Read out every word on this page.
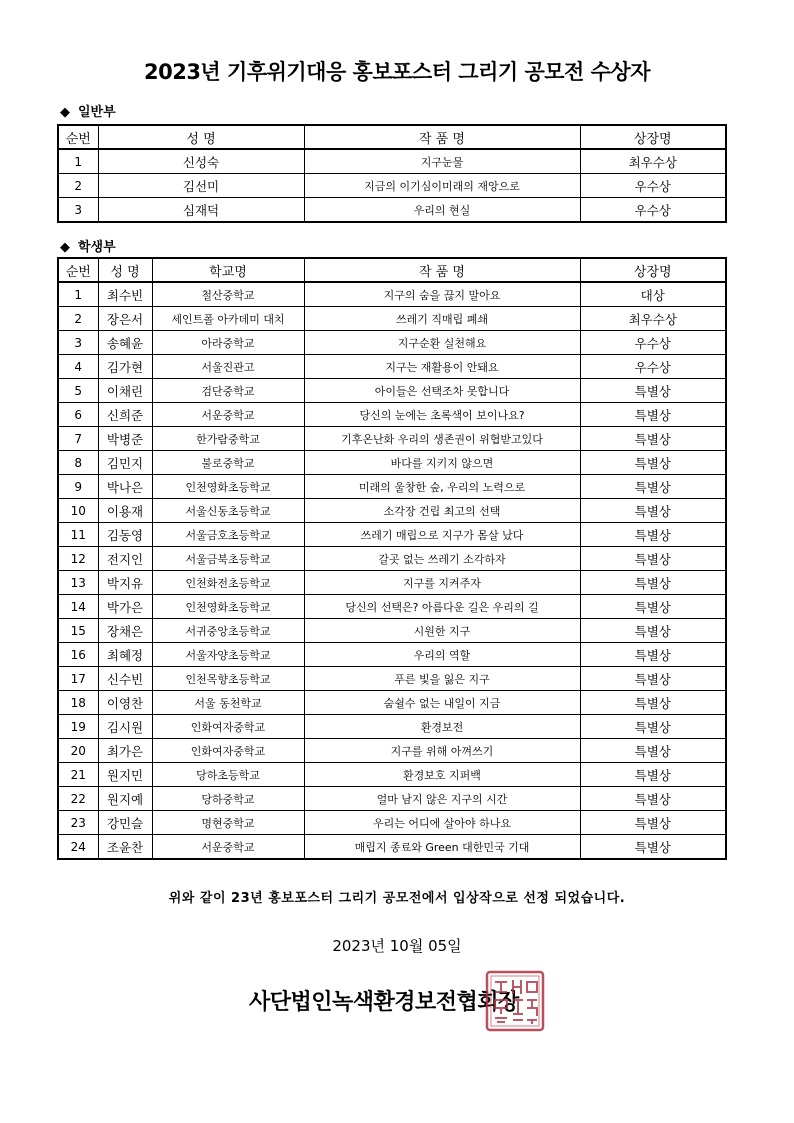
2023년 기후위기대응 홍보포스터 그리기 공모전 수상자
◆ 일반부
순번	성 명	작 품 명	상장명
1	신성숙	지구눈물	최우수상
2	김선미	지금의 이기심이미래의 재앙으로	우수상
3	심재덕	우리의 현실	우수상
◆ 학생부
순번	성 명	학교명	작 품 명	상장명
1	최수빈	철산중학교	지구의 숨을 끊지 말아요	대상
2	장은서	세인트폴 아카데미 대치	쓰레기 직매립 폐쇄	최우수상
3	송혜윤	아라중학교	지구순환 실천해요	우수상
4	김가현	서울진관고	지구는 재활용이 안돼요	우수상
5	이채린	검단중학교	아이들은 선택조차 못합니다	특별상
6	신희준	서운중학교	당신의 눈에는 초록색이 보이나요?	특별상
7	박병준	한가람중학교	기후온난화 우리의 생존권이 위협받고있다	특별상
8	김민지	불로중학교	바다를 지키지 않으면	특별상
9	박나은	인천영화초등학교	미래의 울창한 숲, 우리의 노력으로	특별상
10	이용재	서울신동초등학교	소각장 건립 최고의 선택	특별상
11	김동영	서울금호초등학교	쓰레기 매립으로 지구가 몸살 났다	특별상
12	전지인	서울금북초등학교	갈곳 없는 쓰레기 소각하자	특별상
13	박지유	인천화전초등학교	지구를 지켜주자	특별상
14	박가은	인천영화초등학교	당신의 선택은? 아름다운 길은 우리의 길	특별상
15	장채은	서귀중앙초등학교	시원한 지구	특별상
16	최혜정	서울자양초등학교	우리의 역할	특별상
17	신수빈	인천목향초등학교	푸른 빛을 잃은 지구	특별상
18	이영찬	서울 동천학교	숨쉴수 없는 내일이 지금	특별상
19	김시원	인화여자중학교	환경보전	특별상
20	최가은	인화여자중학교	지구를 위해 아껴쓰기	특별상
21	원지민	당하초등학교	환경보호 지퍼백	특별상
22	원지예	당하중학교	얼마 남지 않은 지구의 시간	특별상
23	강민슬	명현중학교	우리는 어디에 살아야 하나요	특별상
24	조윤찬	서운중학교	매립지 종료와 Green 대한민국 기대	특별상
위와 같이 23년 홍보포스터 그리기 공모전에서 입상작으로 선정 되었습니다.
2023년 10월 05일
사단법인녹색환경보전협회장
